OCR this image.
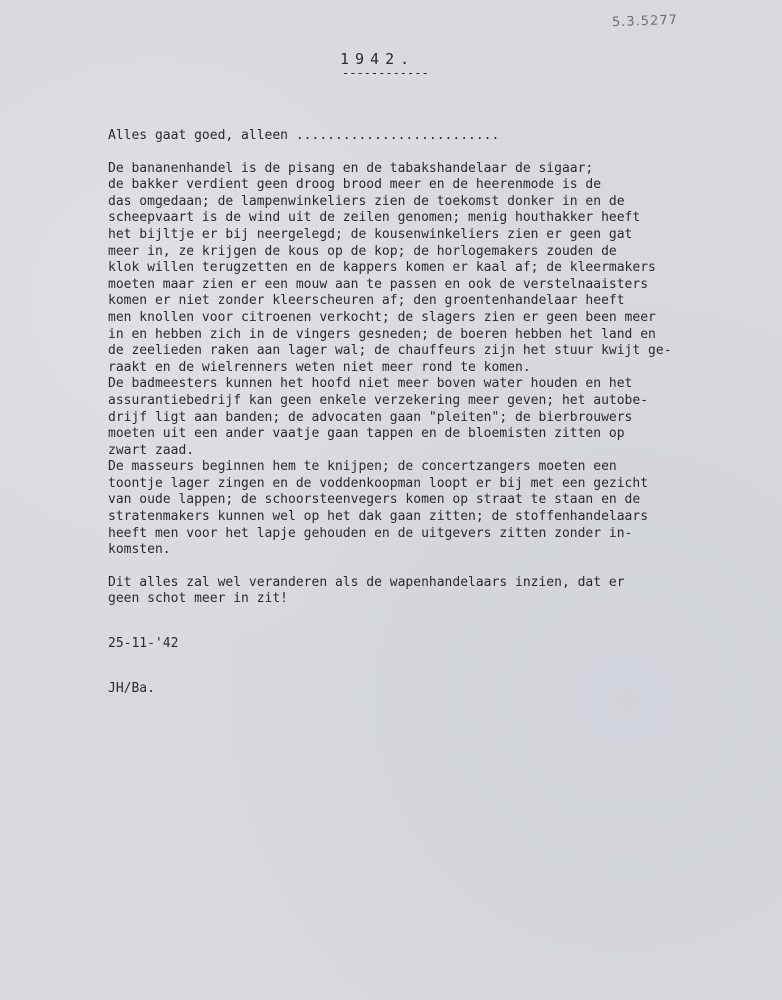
5.3.5277
1942.
------------
Alles gaat goed, alleen ..........................
De bananenhandel is de pisang en de tabakshandelaar de sigaar;
de bakker verdient geen droog brood meer en de heerenmode is de
das omgedaan; de lampenwinkeliers zien de toekomst donker in en de
scheepvaart is de wind uit de zeilen genomen; menig houthakker heeft
het bijltje er bij neergelegd; de kousenwinkeliers zien er geen gat
meer in, ze krijgen de kous op de kop; de horlogemakers zouden de
klok willen terugzetten en de kappers komen er kaal af; de kleermakers
moeten maar zien er een mouw aan te passen en ook de verstelnaaisters
komen er niet zonder kleerscheuren af; den groentenhandelaar heeft
men knollen voor citroenen verkocht; de slagers zien er geen been meer
in en hebben zich in de vingers gesneden; de boeren hebben het land en
de zeelieden raken aan lager wal; de chauffeurs zijn het stuur kwijt ge-
raakt en de wielrenners weten niet meer rond te komen.
De badmeesters kunnen het hoofd niet meer boven water houden en het
assurantiebedrijf kan geen enkele verzekering meer geven; het autobe-
drijf ligt aan banden; de advocaten gaan "pleiten"; de bierbrouwers
moeten uit een ander vaatje gaan tappen en de bloemisten zitten op
zwart zaad.
De masseurs beginnen hem te knijpen; de concertzangers moeten een
toontje lager zingen en de voddenkoopman loopt er bij met een gezicht
van oude lappen; de schoorsteenvegers komen op straat te staan en de
stratenmakers kunnen wel op het dak gaan zitten; de stoffenhandelaars
heeft men voor het lapje gehouden en de uitgevers zitten zonder in-
komsten.
Dit alles zal wel veranderen als de wapenhandelaars inzien, dat er
geen schot meer in zit!
25-11-'42
JH/Ba.
